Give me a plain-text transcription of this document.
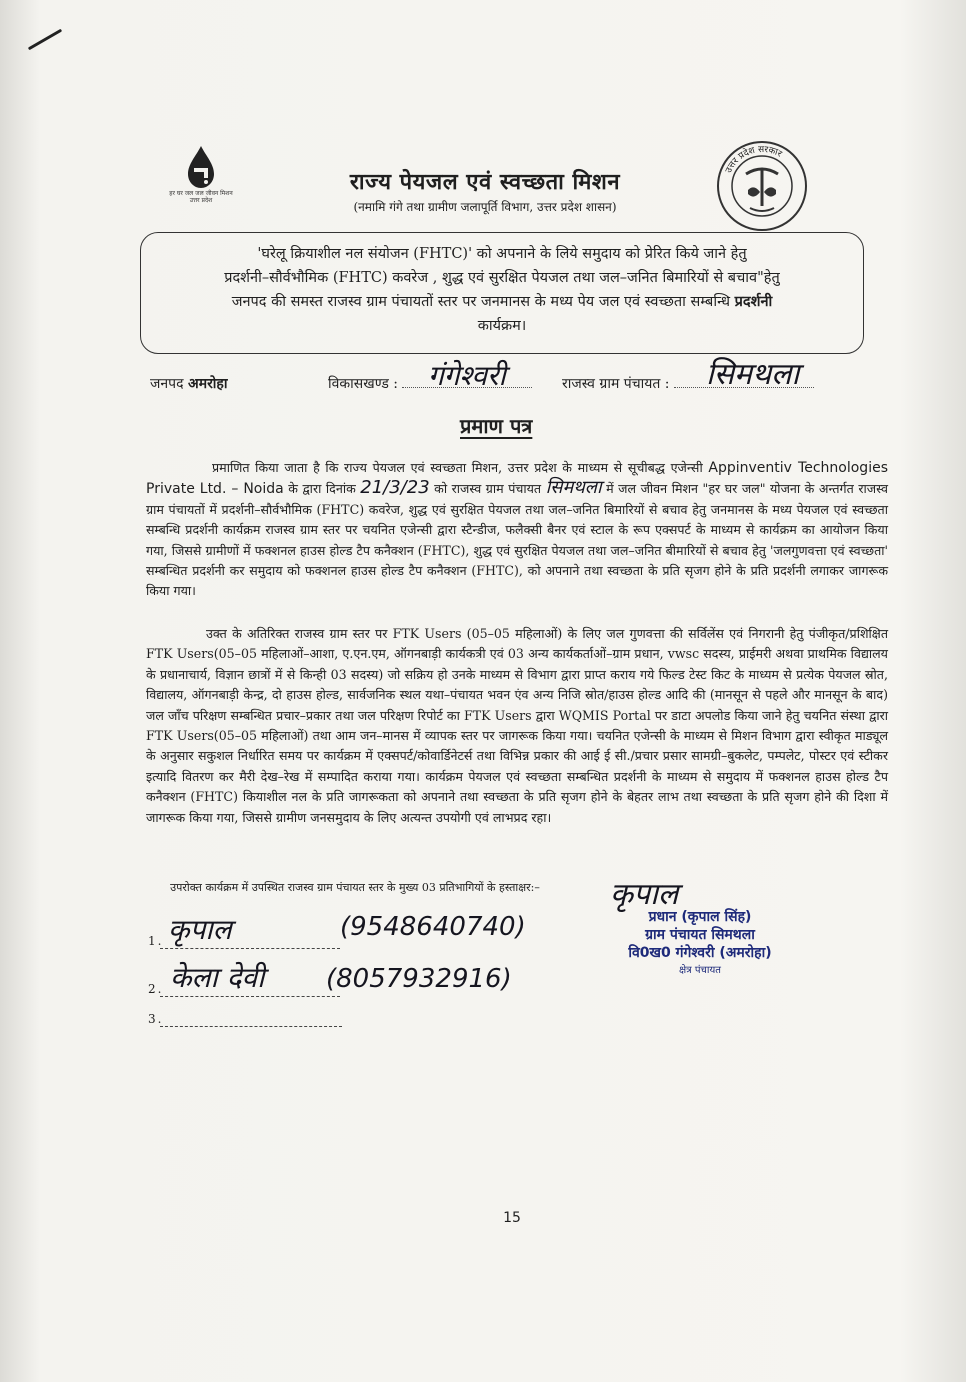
हर घर जल जल जीवन मिशन उत्तर प्रदेश
उत्तर प्रदेश सरकार
राज्य पेयजल एवं स्वच्छता मिशन
(नमामि गंगे तथा ग्रामीण जलापूर्ति विभाग, उत्तर प्रदेश शासन)
'घरेलू क्रियाशील नल संयोजन (FHTC)' को अपनाने के लिये समुदाय को प्रेरित किये जाने हेतु
प्रदर्शनी–सौर्वभौमिक (FHTC) कवरेज , शुद्ध एवं सुरक्षित पेयजल तथा जल–जनित बिमारियों से बचाव"हेतु
जनपद की समस्त राजस्व ग्राम पंचायतों स्तर पर जनमानस के मध्य पेय जल एवं स्वच्छता सम्बन्धि प्रदर्शनी
कार्यक्रम।
जनपद अमरोहा	विकासखण्ड :	गंगेश्वरी	राजस्व ग्राम पंचायत :	सिमथला
प्रमाण पत्र
प्रमाणित किया जाता है कि राज्य पेयजल एवं स्वच्छता मिशन, उत्तर प्रदेश के माध्यम से सूचीबद्ध एजेन्सी Appinventiv Technologies Private Ltd. – Noida के द्वारा दिनांक 21/3/23 को राजस्व ग्राम पंचायत सिमथला में जल जीवन मिशन "हर घर जल" योजना के अन्तर्गत राजस्व ग्राम पंचायतों में प्रदर्शनी–सौर्वभौमिक (FHTC) कवरेज, शुद्ध एवं सुरक्षित पेयजल तथा जल–जनित बिमारियों से बचाव हेतु जनमानस के मध्य पेयजल एवं स्वच्छता सम्बन्धि प्रदर्शनी कार्यक्रम राजस्व ग्राम स्तर पर चयनित एजेन्सी द्वारा स्टैन्डीज, फलैक्सी बैनर एवं स्टाल के रूप एक्सपर्ट के माध्यम से कार्यक्रम का आयोजन किया गया, जिससे ग्रामीणों में फक्शनल हाउस होल्ड टैप कनैक्शन (FHTC), शुद्ध एवं सुरक्षित पेयजल तथा जल–जनित बीमारियों से बचाव हेतु 'जलगुणवत्ता एवं स्वच्छता' सम्बन्धित प्रदर्शनी कर समुदाय को फक्शनल हाउस होल्ड टैप कनैक्शन (FHTC), को अपनाने तथा स्वच्छता के प्रति सृजग होने के प्रति प्रदर्शनी लगाकर जागरूक किया गया।
उक्त के अतिरिक्त राजस्व ग्राम स्तर पर FTK Users (05–05 महिलाओं) के लिए जल गुणवत्ता की सर्विलेंस एवं निगरानी हेतु पंजीकृत/प्रशिक्षित FTK Users(05–05 महिलाओं–आशा, ए.एन.एम, ऑगनबाड़ी कार्यकत्री एवं 03 अन्य कार्यकर्ताओं–ग्राम प्रधान, vwsc सदस्य, प्राईमरी अथवा प्राथमिक विद्यालय के प्रधानाचार्य, विज्ञान छात्रों में से किन्ही 03 सदस्य) जो सक्रिय हो उनके माध्यम से विभाग द्वारा प्राप्त कराय गये फिल्ड टेस्ट किट के माध्यम से प्रत्येक पेयजल स्रोत, विद्यालय, ऑगनबाड़ी केन्द्र, दो हाउस होल्ड, सार्वजनिक स्थल यथा–पंचायत भवन एंव अन्य निजि स्रोत/हाउस होल्ड आदि की (मानसून से पहले और मानसून के बाद) जल जाँच परिक्षण सम्बन्धित प्रचार–प्रकार तथा जल परिक्षण रिपोर्ट का FTK Users द्वारा WQMIS Portal पर डाटा अपलोड किया जाने हेतु चयनित संस्था द्वारा FTK Users(05–05 महिलाओं) तथा आम जन–मानस में व्यापक स्तर पर जागरूक किया गया। चयनित एजेन्सी के माध्यम से मिशन विभाग द्वारा स्वीकृत माड्यूल के अनुसार सकुशल निर्धारित समय पर कार्यक्रम में एक्सपर्ट/कोवार्डिनेटर्स तथा विभिन्न प्रकार की आई ई सी./प्रचार प्रसार सामग्री–बुकलेट, पम्पलेट, पोस्टर एवं स्टीकर इत्यादि वितरण कर मैरी देख–रेख में सम्पादित कराया गया। कार्यक्रम पेयजल एवं स्वच्छता सम्बन्धित प्रदर्शनी के माध्यम से समुदाय में फक्शनल हाउस होल्ड टैप कनैक्शन (FHTC) कियाशील नल के प्रति जागरूकता को अपनाने तथा स्वच्छता के प्रति सृजग होने के बेहतर लाभ तथा स्वच्छता के प्रति सृजग होने की दिशा में जागरूक किया गया, जिससे ग्रामीण जनसमुदाय के लिए अत्यन्त उपयोगी एवं लाभप्रद रहा।
उपरोक्त कार्यक्रम में उपस्थित राजस्व ग्राम पंचायत स्तर के मुख्य 03 प्रतिभागियों के हस्ताक्षर:–
1. कृपाल	(9548640740)
2. केला देवी (8057932916)
3.
कृपाल
प्रधान (कृपाल सिंह)
ग्राम पंचायत सिमथला
वि0ख0 गंगेश्वरी (अमरोहा)
क्षेत्र पंचायत
15
